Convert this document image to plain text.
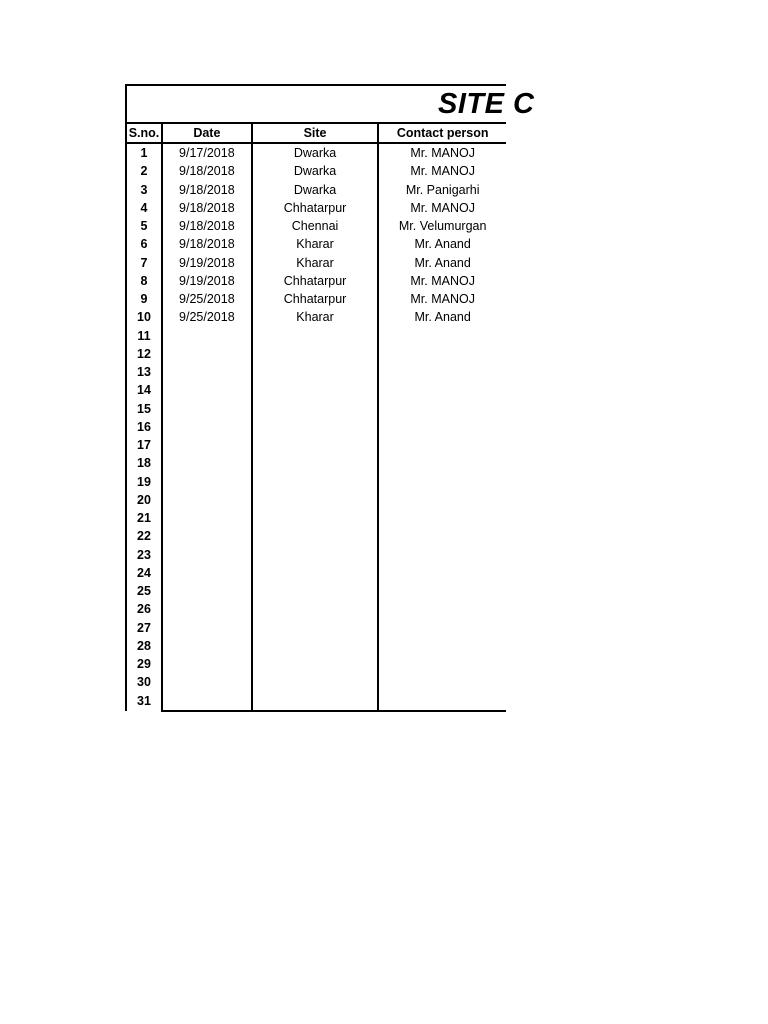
SITE C
S.no.	Date	Site	Contact person
1	9/17/2018	Dwarka	Mr. MANOJ
2	9/18/2018	Dwarka	Mr. MANOJ
3	9/18/2018	Dwarka	Mr. Panigarhi
4	9/18/2018	Chhatarpur	Mr. MANOJ
5	9/18/2018	Chennai	Mr. Velumurgan
6	9/18/2018	Kharar	Mr. Anand
7	9/19/2018	Kharar	Mr. Anand
8	9/19/2018	Chhatarpur	Mr. MANOJ
9	9/25/2018	Chhatarpur	Mr. MANOJ
10	9/25/2018	Kharar	Mr. Anand
11			
12			
13			
14			
15			
16			
17			
18			
19			
20			
21			
22			
23			
24			
25			
26			
27			
28			
29			
30			
31			
